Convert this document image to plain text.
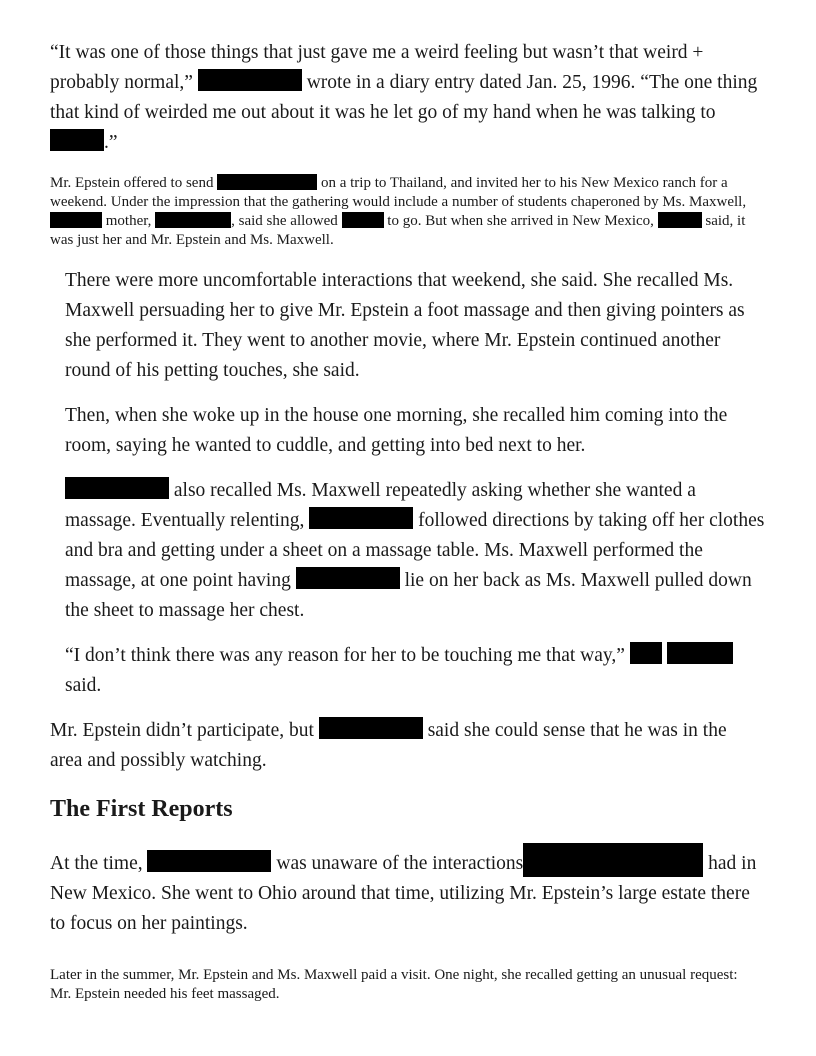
“It was one of those things that just gave me a weird feeling but wasn’t that weird + probably normal,”	wrote in a diary entry dated Jan. 25, 1996. “The one thing that kind of weirded me out about it was he let go of my hand when he was talking to .”

Mr. Epstein offered to send	on a trip to Thailand, and invited her to his New Mexico ranch for a weekend. Under the impression that the gathering would include a number of students chaperoned by Ms. Maxwell,  mother,	, said she allowed	to go. But when she arrived in New Mexico,	said, it was just her and Mr. Epstein and Ms. Maxwell.

There were more uncomfortable interactions that weekend, she said. She recalled Ms. Maxwell persuading her to give Mr. Epstein a foot massage and then giving pointers as she performed it. They went to another movie, where Mr. Epstein continued another round of his petting touches, she said.

Then, when she woke up in the house one morning, she recalled him coming into the room, saying he wanted to cuddle, and getting into bed next to her.

also recalled Ms. Maxwell repeatedly asking whether she wanted a massage. Eventually relenting,	followed directions by taking off her clothes and bra and getting under a sheet on a massage table. Ms. Maxwell performed the massage, at one point having	lie on her back as Ms. Maxwell pulled down the sheet to massage her chest.

“I don’t think there was any reason for her to be touching me that way,”   said.

Mr. Epstein didn’t participate, but	said she could sense that he was in the area and possibly watching.

The First Reports

At the time,	was unaware of the interactions	had in New Mexico. She went to Ohio around that time, utilizing Mr. Epstein’s large estate there to focus on her paintings.

Later in the summer, Mr. Epstein and Ms. Maxwell paid a visit. One night, she recalled getting an unusual request: Mr. Epstein needed his feet massaged.
